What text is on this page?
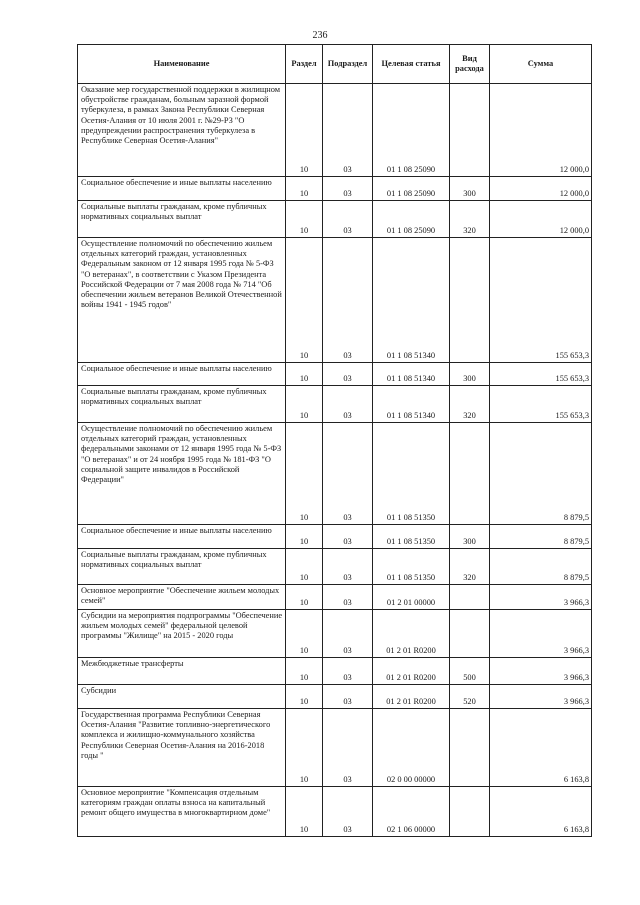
236
Наименование	Раздел	Подраздел	Целевая статья	Вид расхода	Сумма
Оказание мер государственной поддержки в жилищном обустройстве гражданам, больным заразной формой туберкулеза, в рамках Закона Республики Северная Осетия-Алания от 10 июля 2001 г. №29-РЗ "О предупреждении распространения туберкулеза в Республике Северная Осетия-Алания"	10	03	01 1 08 25090		12 000,0
Социальное обеспечение и иные выплаты населению	10	03	01 1 08 25090	300	12 000,0
Социальные выплаты гражданам, кроме публичных нормативных социальных выплат	10	03	01 1 08 25090	320	12 000,0
Осуществление полномочий по обеспечению жильем отдельных категорий граждан, установленных Федеральным законом от 12 января 1995 года № 5-ФЗ "О ветеранах", в соответствии с Указом Президента Российской Федерации от 7 мая 2008 года № 714 "Об обеспечении жильем ветеранов Великой Отечественной войны 1941 - 1945 годов"	10	03	01 1 08 51340		155 653,3
Социальное обеспечение и иные выплаты населению	10	03	01 1 08 51340	300	155 653,3
Социальные выплаты гражданам, кроме публичных нормативных социальных выплат	10	03	01 1 08 51340	320	155 653,3
Осуществление полномочий по обеспечению жильем отдельных категорий граждан, установленных федеральными законами от 12 января 1995 года № 5-ФЗ "О ветеранах" и от 24 ноября 1995 года № 181-ФЗ "О социальной защите инвалидов в Российской Федерации"	10	03	01 1 08 51350		8 879,5
Социальное обеспечение и иные выплаты населению	10	03	01 1 08 51350	300	8 879,5
Социальные выплаты гражданам, кроме публичных нормативных социальных выплат	10	03	01 1 08 51350	320	8 879,5
Основное мероприятие "Обеспечение жильем молодых семей"	10	03	01 2 01 00000		3 966,3
Субсидии на мероприятия подпрограммы "Обеспечение жильем молодых семей" федеральной целевой программы "Жилище" на 2015 - 2020 годы	10	03	01 2 01 R0200		3 966,3
Межбюджетные трансферты	10	03	01 2 01 R0200	500	3 966,3
Субсидии	10	03	01 2 01 R0200	520	3 966,3
Государственная программа Республики Северная Осетия-Алания "Развитие топливно-энергетического комплекса и жилищно-коммунального хозяйства Республики Северная Осетия-Алания на 2016-2018 годы "	10	03	02 0 00 00000		6 163,8
Основное мероприятие "Компенсация отдельным категориям граждан оплаты взноса на капитальный ремонт общего имущества в многоквартирном доме"	10	03	02 1 06 00000		6 163,8
